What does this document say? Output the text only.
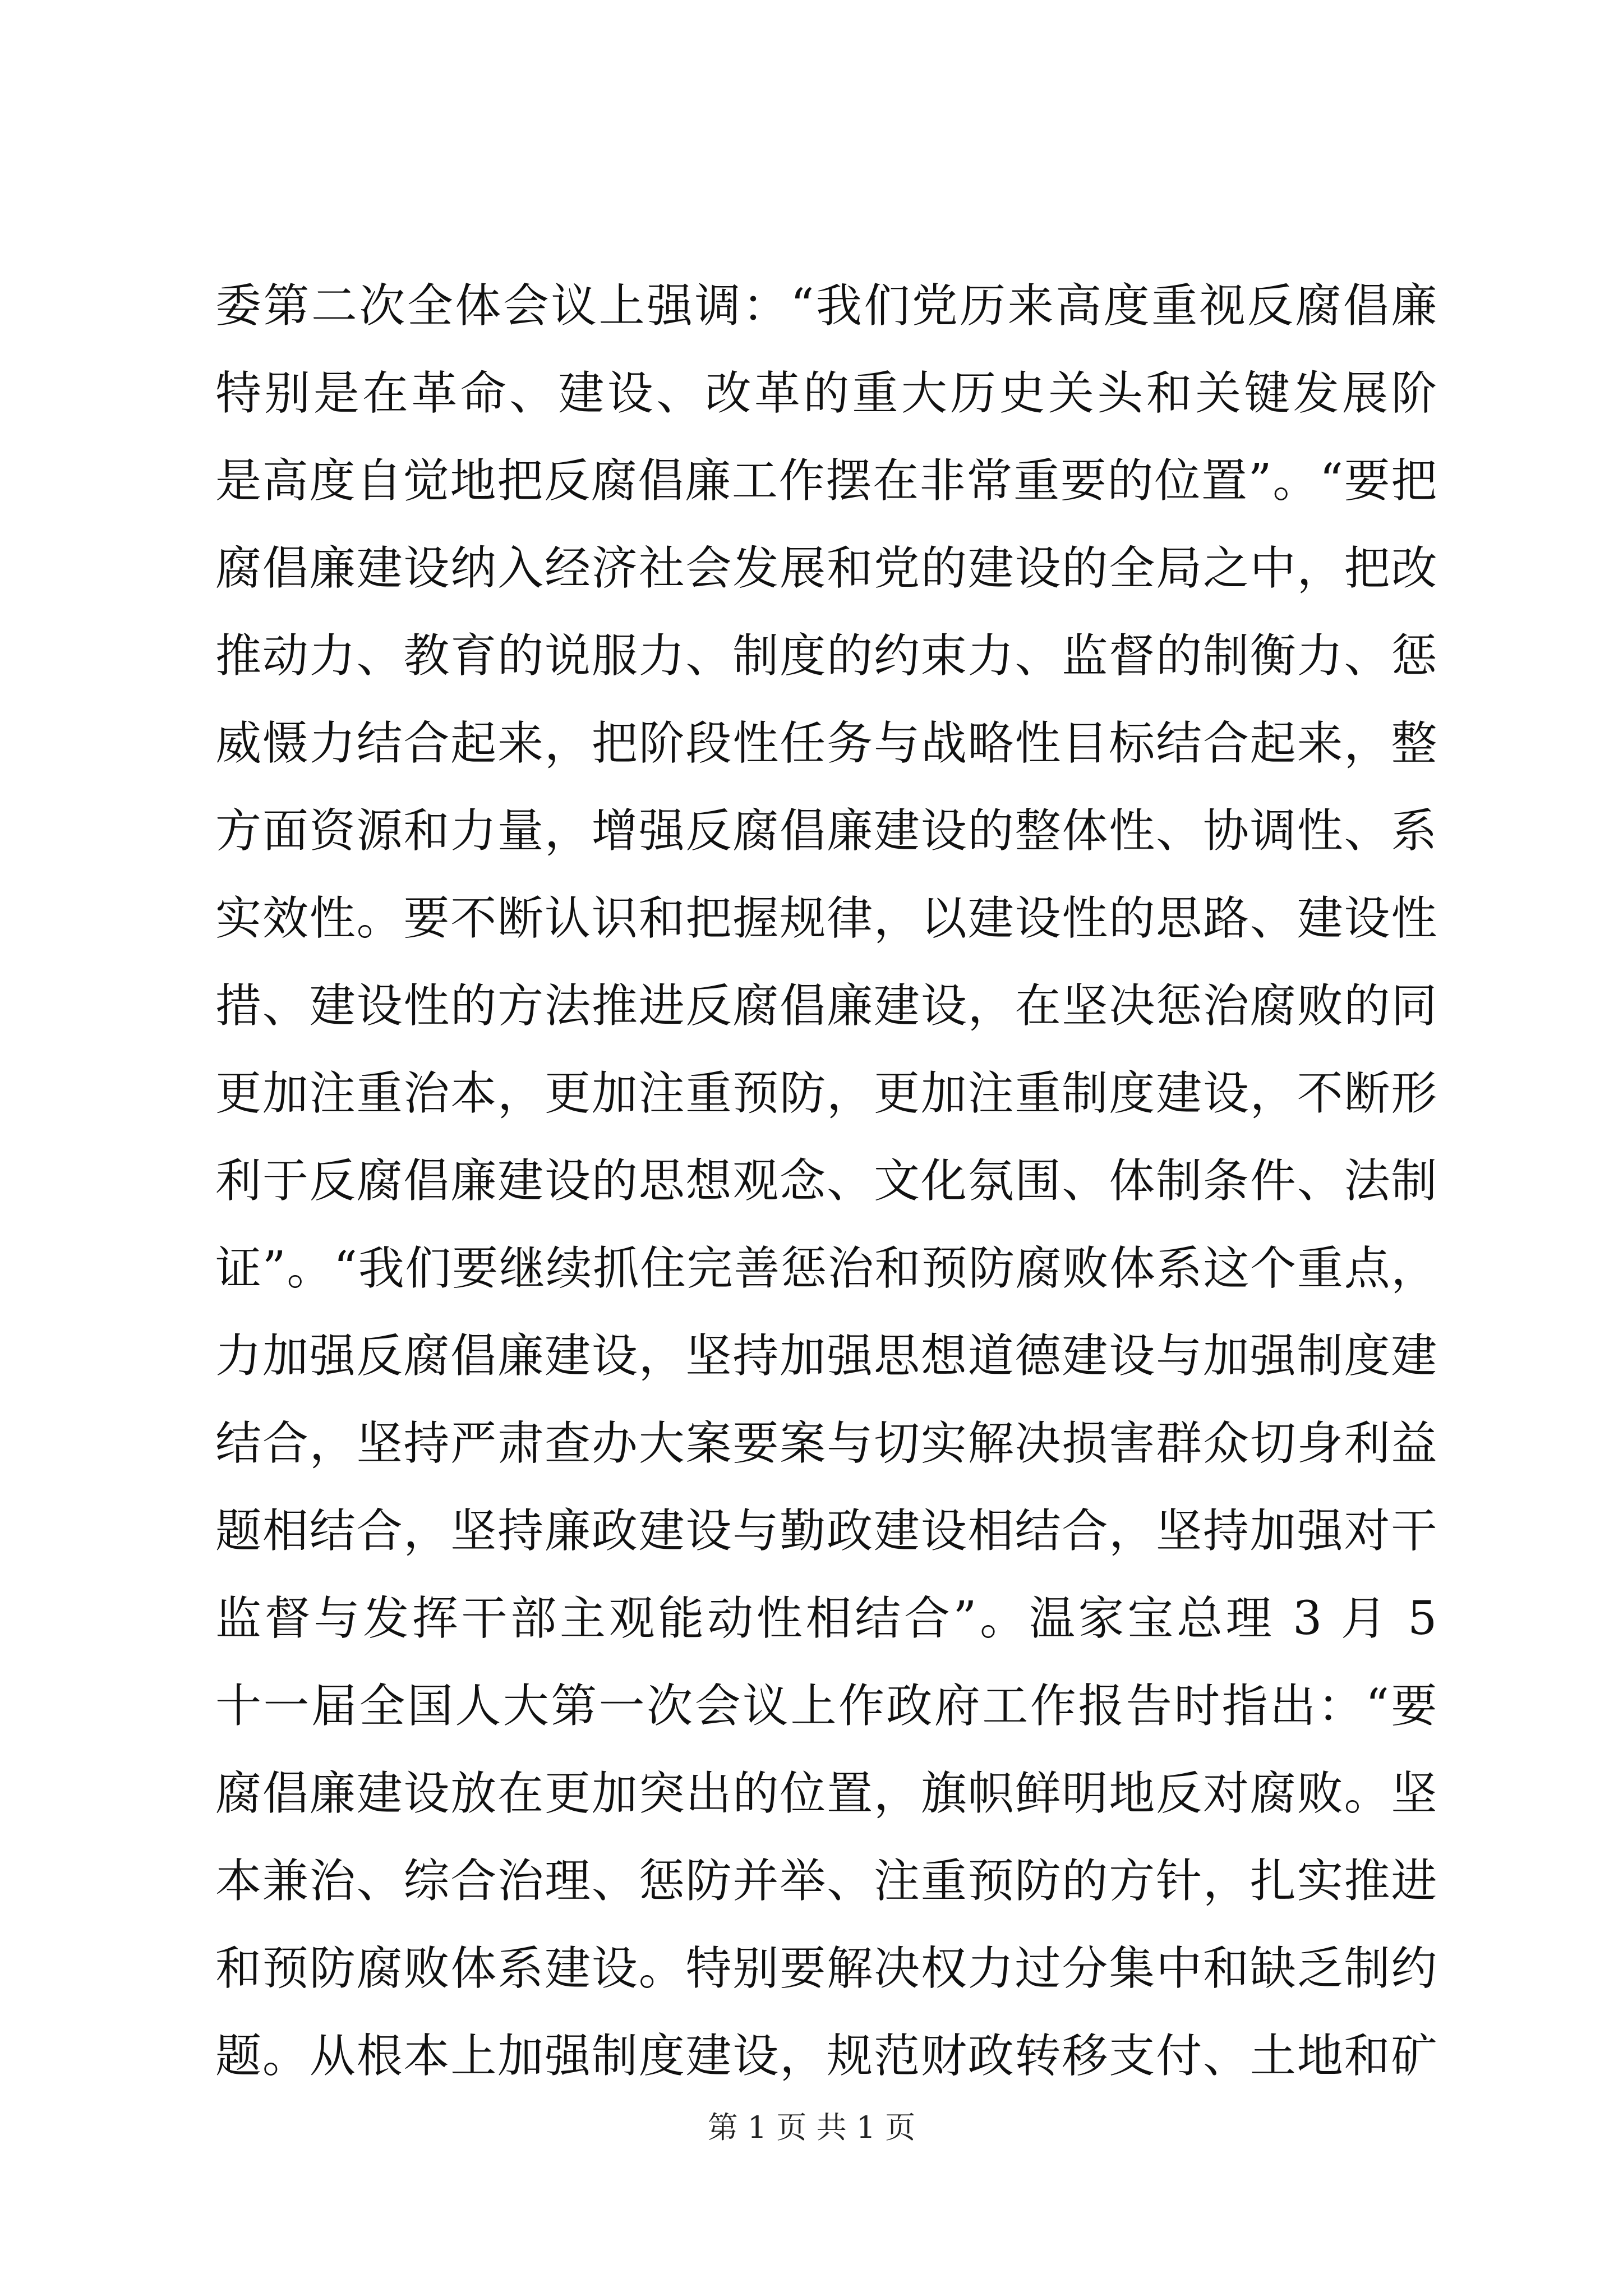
委第二次全体会议上强调：“我们党历来高度重视反腐倡廉
特别是在革命、建设、改革的重大历史关头和关键发展阶
是高度自觉地把反腐倡廉工作摆在非常重要的位置”。“要把
腐倡廉建设纳入经济社会发展和党的建设的全局之中，把改
推动力、教育的说服力、制度的约束力、监督的制衡力、惩
威慑力结合起来，把阶段性任务与战略性目标结合起来，整
方面资源和力量，增强反腐倡廉建设的整体性、协调性、系
实效性。要不断认识和把握规律，以建设性的思路、建设性
措、建设性的方法推进反腐倡廉建设，在坚决惩治腐败的同
更加注重治本，更加注重预防，更加注重制度建设，不断形
利于反腐倡廉建设的思想观念、文化氛围、体制条件、法制
证”。“我们要继续抓住完善惩治和预防腐败体系这个重点，
力加强反腐倡廉建设，坚持加强思想道德建设与加强制度建
结合，坚持严肃查办大案要案与切实解决损害群众切身利益
题相结合，坚持廉政建设与勤政建设相结合，坚持加强对干
监督与发挥干部主观能动性相结合”。温家宝总理 3 月 5
十一届全国人大第一次会议上作政府工作报告时指出：“要
腐倡廉建设放在更加突出的位置，旗帜鲜明地反对腐败。坚
本兼治、综合治理、惩防并举、注重预防的方针，扎实推进
和预防腐败体系建设。特别要解决权力过分集中和缺乏制约
题。从根本上加强制度建设，规范财政转移支付、土地和矿
第 1 页 共 1 页
